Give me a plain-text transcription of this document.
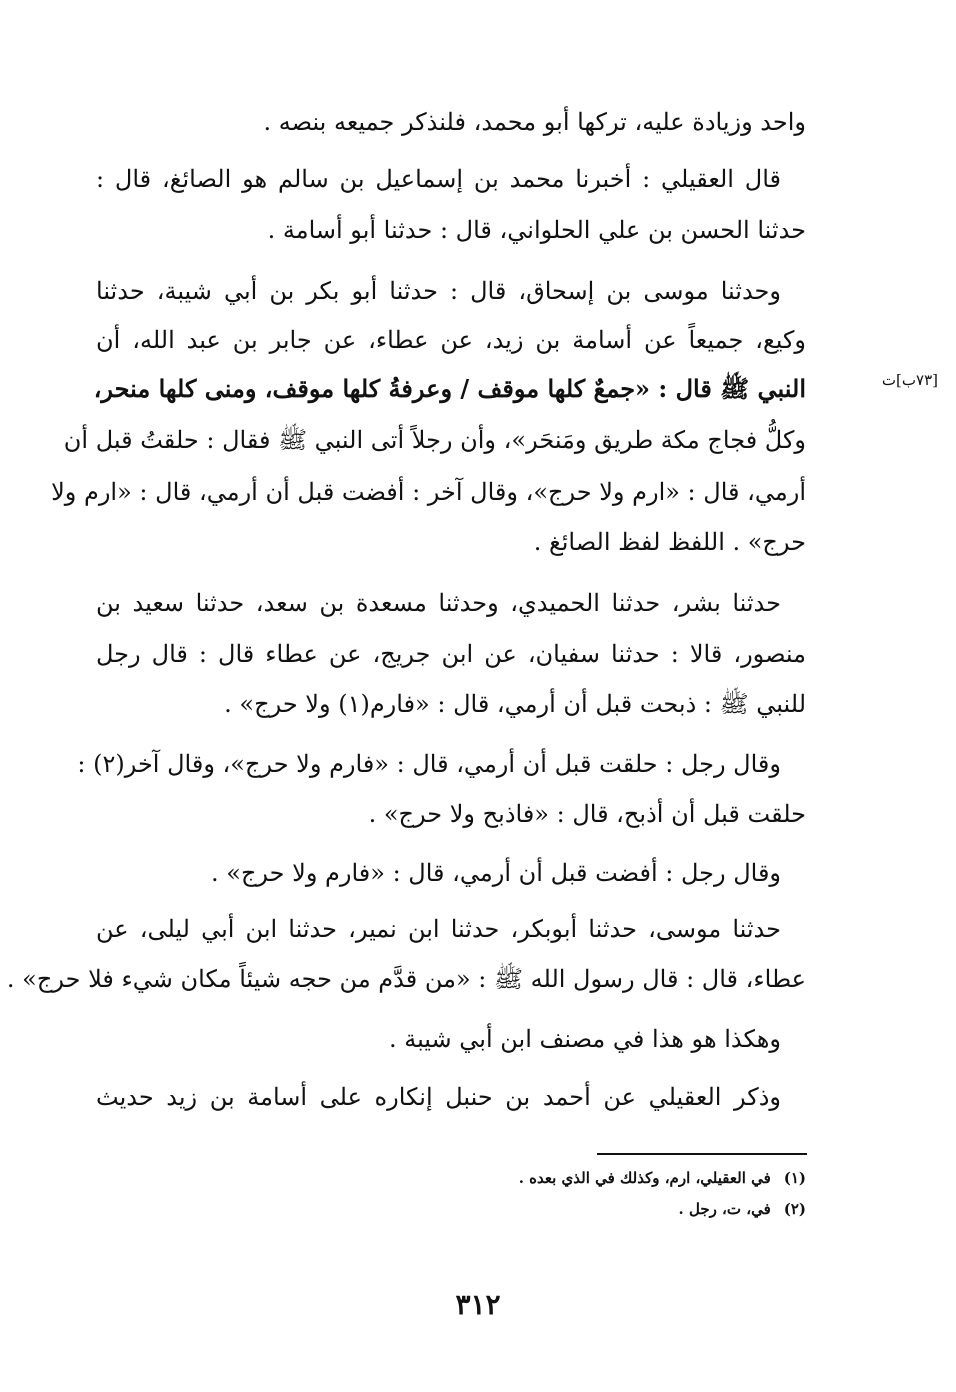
واحد وزيادة عليه، تركها أبو محمد، فلنذكر جميعه بنصه .
قال العقيلي : أخبرنا محمد بن إسماعيل بن سالم هو الصائغ، قال :
حدثنا الحسن بن علي الحلواني، قال : حدثنا أبو أسامة .
وحدثنا موسى بن إسحاق، قال : حدثنا أبو بكر بن أبي شيبة، حدثنا
وكيع، جميعاً عن أسامة بن زيد، عن عطاء، عن جابر بن عبد الله، أن
النبي ﷺ قال : «جمعٌ كلها موقف / وعرفةُ كلها موقف، ومنى كلها منحر،
وكلُّ فجاج مكة طريق ومَنحَر»، وأن رجلاً أتى النبي ﷺ فقال : حلقتُ قبل أن
أرمي، قال : «ارم ولا حرج»، وقال آخر : أفضت قبل أن أرمي، قال : «ارم ولا
حرج» . اللفظ لفظ الصائغ .
حدثنا بشر، حدثنا الحميدي، وحدثنا مسعدة بن سعد، حدثنا سعيد بن
منصور، قالا : حدثنا سفيان، عن ابن جريج، عن عطاء قال : قال رجل
للنبي ﷺ : ذبحت قبل أن أرمي، قال : «فارم(١) ولا حرج» .
وقال رجل : حلقت قبل أن أرمي، قال : «فارم ولا حرج»، وقال آخر(٢) :
حلقت قبل أن أذبح، قال : «فاذبح ولا حرج» .
وقال رجل : أفضت قبل أن أرمي، قال : «فارم ولا حرج» .
حدثنا موسى، حدثنا أبوبكر، حدثنا ابن نمير، حدثنا ابن أبي ليلى، عن
عطاء، قال : قال رسول الله ﷺ : «من قدَّم من حجه شيئاً مكان شيء فلا حرج» .
وهكذا هو هذا في مصنف ابن أبي شيبة .
وذكر العقيلي عن أحمد بن حنبل إنكاره على أسامة بن زيد حديث
[٧٣ب]ت
(١) في العقيلي، ارم، وكذلك في الذي بعده .
(٢) في، ت، رجل .
٣١٢
